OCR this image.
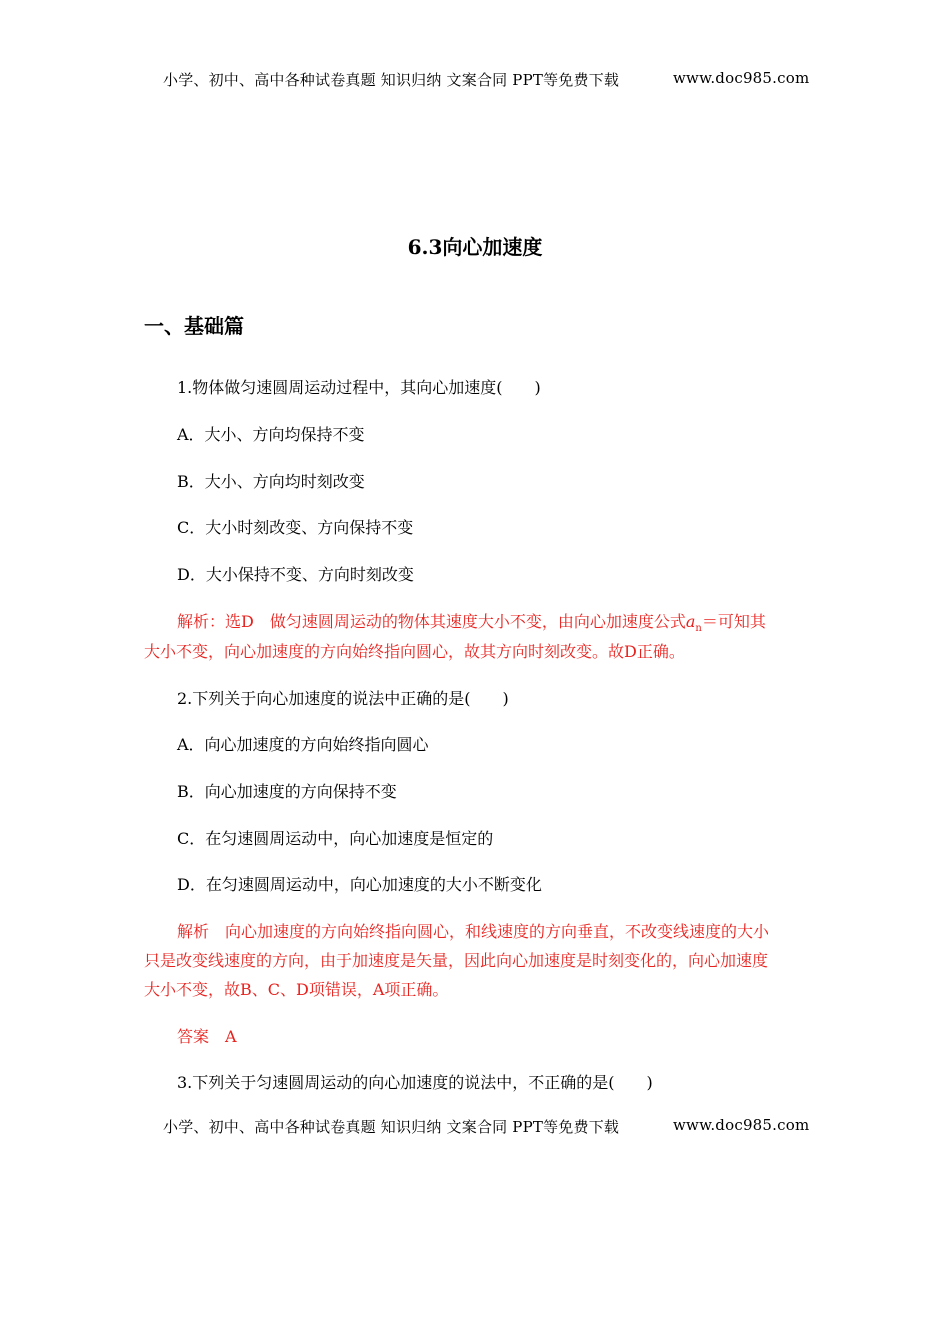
小学、初中、高中各种试卷真题 知识归纳 文案合同 PPT等免费下载	www.doc985.com
6.3向心加速度
一、基础篇
1.物体做匀速圆周运动过程中，其向心加速度(　　)
A．大小、方向均保持不变
B．大小、方向均时刻改变
C．大小时刻改变、方向保持不变
D．大小保持不变、方向时刻改变
解析：选D　做匀速圆周运动的物体其速度大小不变，由向心加速度公式$a_n=$可知其
大小不变，向心加速度的方向始终指向圆心，故其方向时刻改变。故D正确。
2.下列关于向心加速度的说法中正确的是(　　)
A．向心加速度的方向始终指向圆心
B．向心加速度的方向保持不变
C．在匀速圆周运动中，向心加速度是恒定的
D．在匀速圆周运动中，向心加速度的大小不断变化
解析　向心加速度的方向始终指向圆心，和线速度的方向垂直，不改变线速度的大小
只是改变线速度的方向，由于加速度是矢量，因此向心加速度是时刻变化的，向心加速度
大小不变，故B、C、D项错误，A项正确。
答案　A
3.下列关于匀速圆周运动的向心加速度的说法中，不正确的是(　　)
小学、初中、高中各种试卷真题 知识归纳 文案合同 PPT等免费下载	www.doc985.com
